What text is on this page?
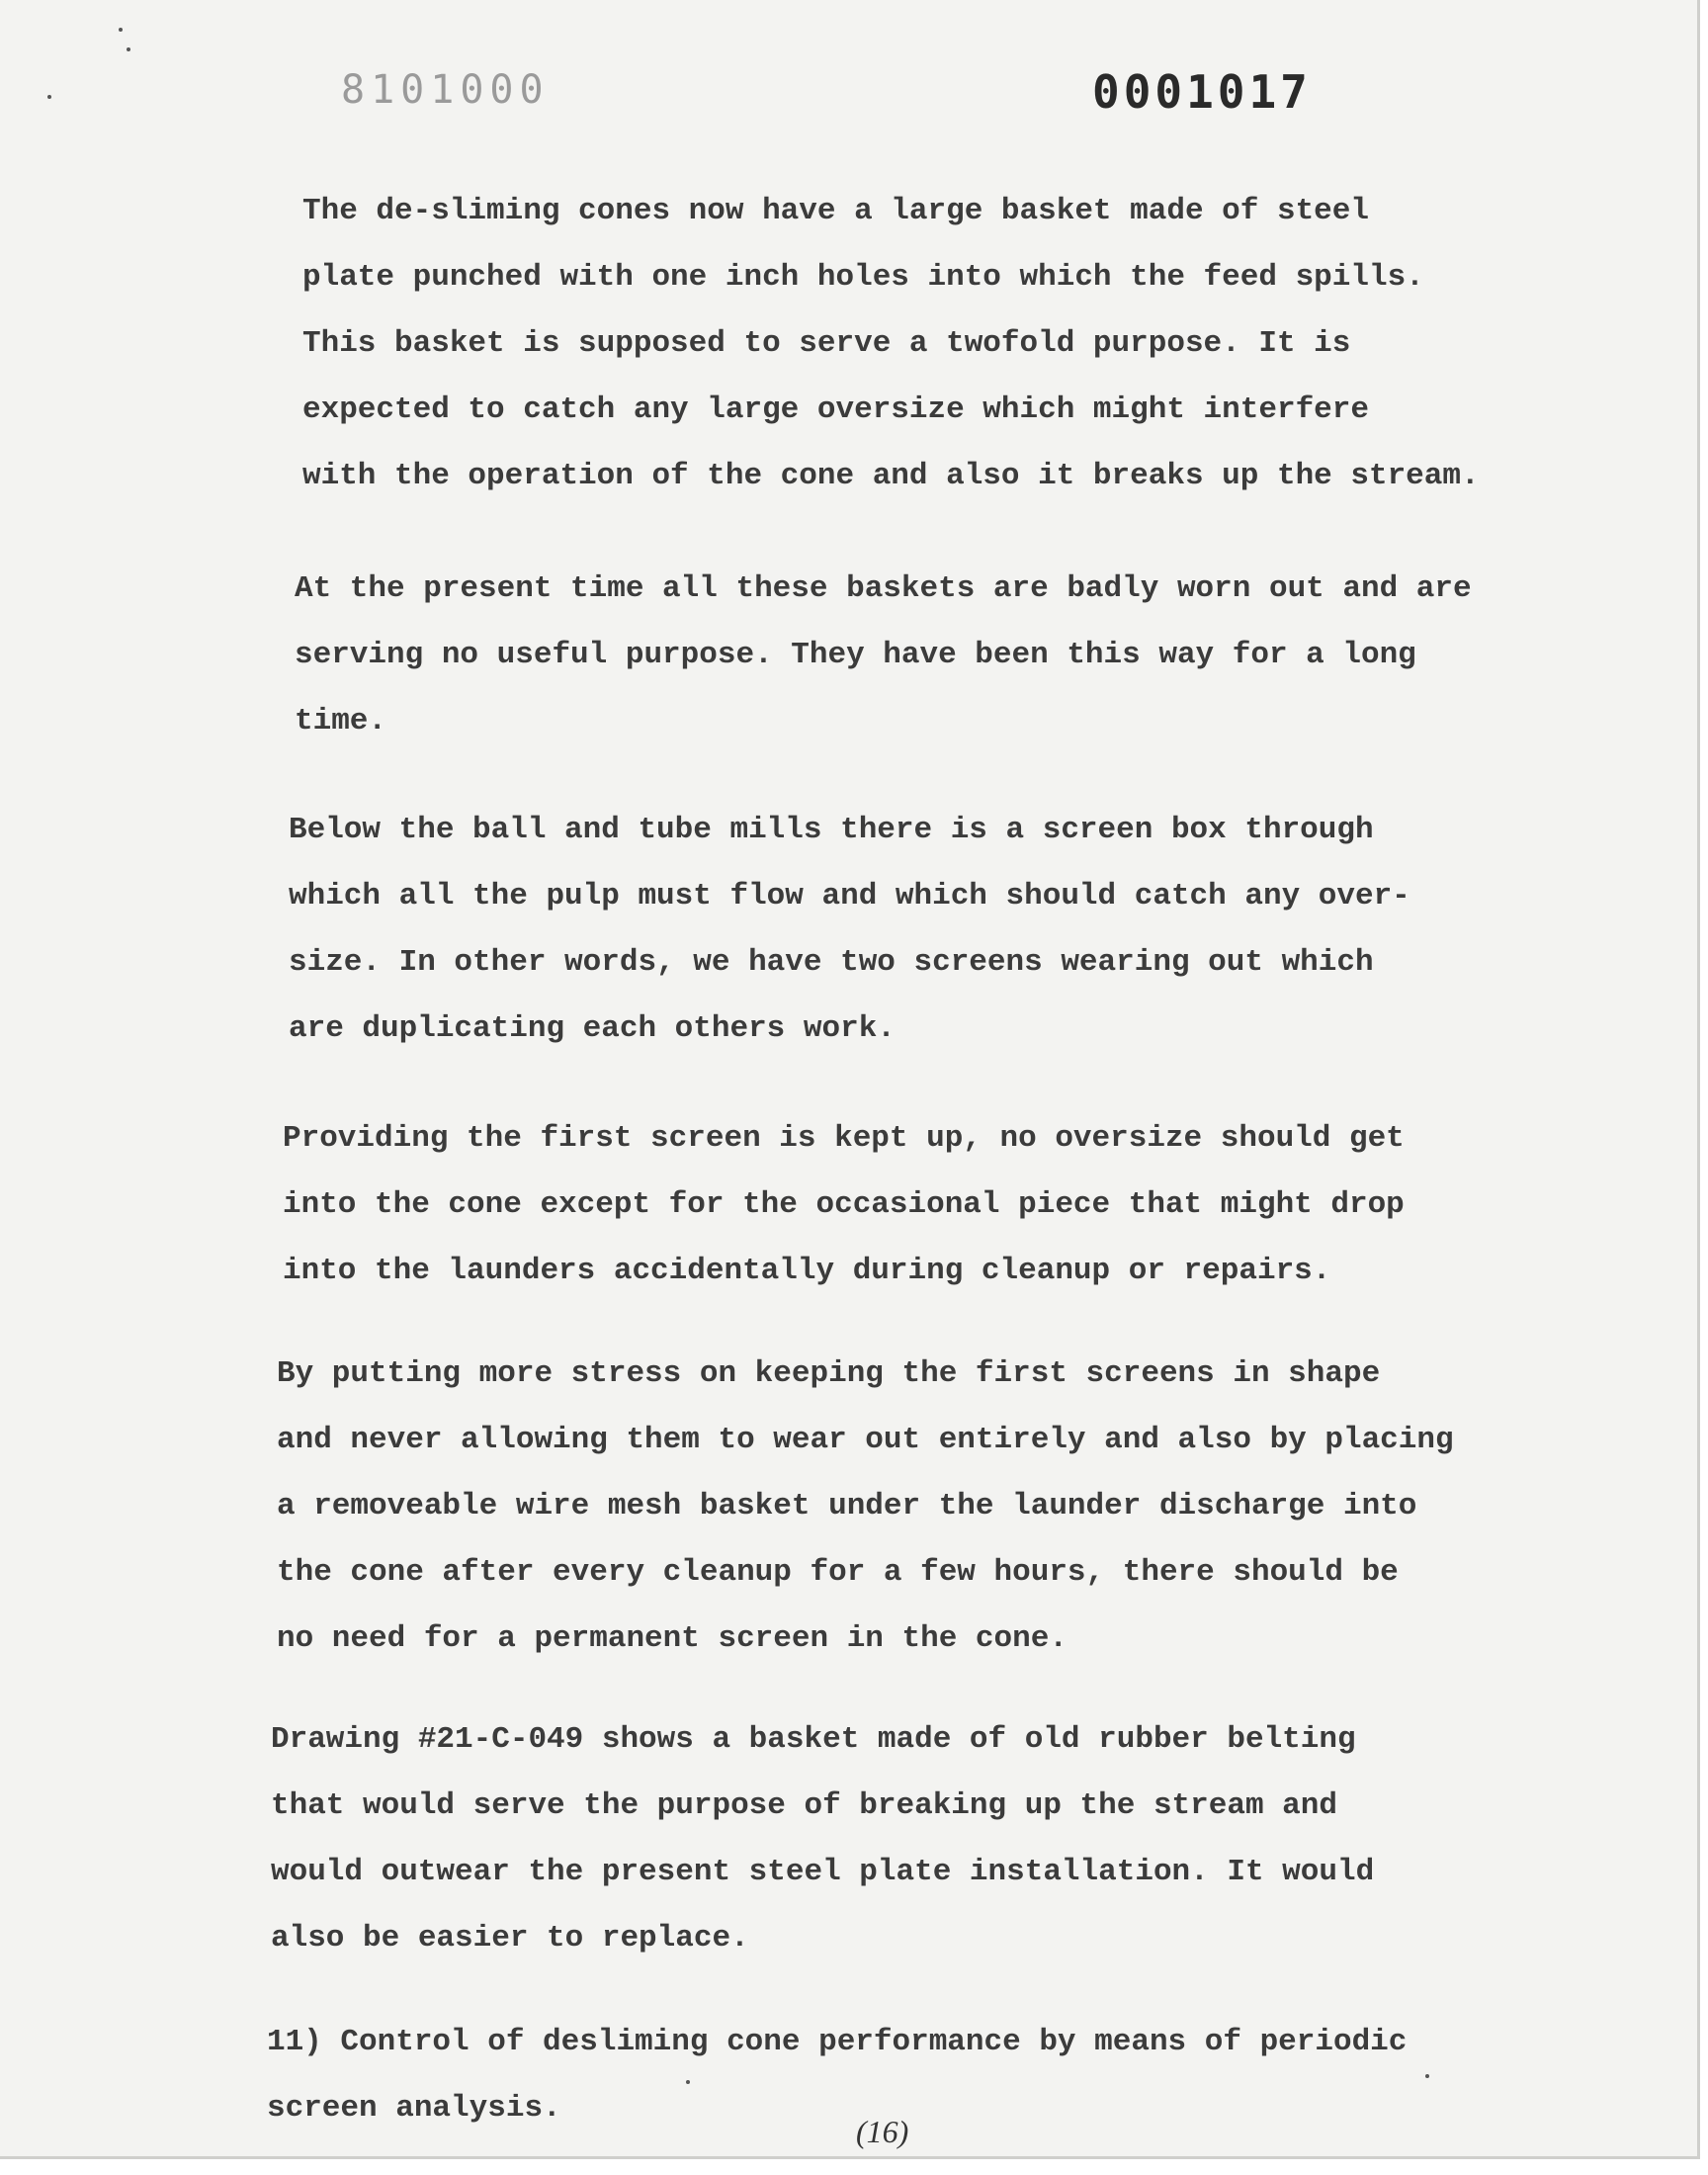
8101000	0001017
The de-sliming cones now have a large basket made of steel
plate punched with one inch holes into which the feed spills.
This basket is supposed to serve a twofold purpose. It is
expected to catch any large oversize which might interfere
with the operation of the cone and also it breaks up the stream.
At the present time all these baskets are badly worn out and are
serving no useful purpose. They have been this way for a long
time.
Below the ball and tube mills there is a screen box through
which all the pulp must flow and which should catch any over-
size. In other words, we have two screens wearing out which
are duplicating each others work.
Providing the first screen is kept up, no oversize should get
into the cone except for the occasional piece that might drop
into the launders accidentally during cleanup or repairs.
By putting more stress on keeping the first screens in shape
and never allowing them to wear out entirely and also by placing
a removeable wire mesh basket under the launder discharge into
the cone after every cleanup for a few hours, there should be
no need for a permanent screen in the cone.
Drawing #21-C-049 shows a basket made of old rubber belting
that would serve the purpose of breaking up the stream and
would outwear the present steel plate installation. It would
also be easier to replace.
11) Control of desliming cone performance by means of periodic
screen analysis.
(16)
